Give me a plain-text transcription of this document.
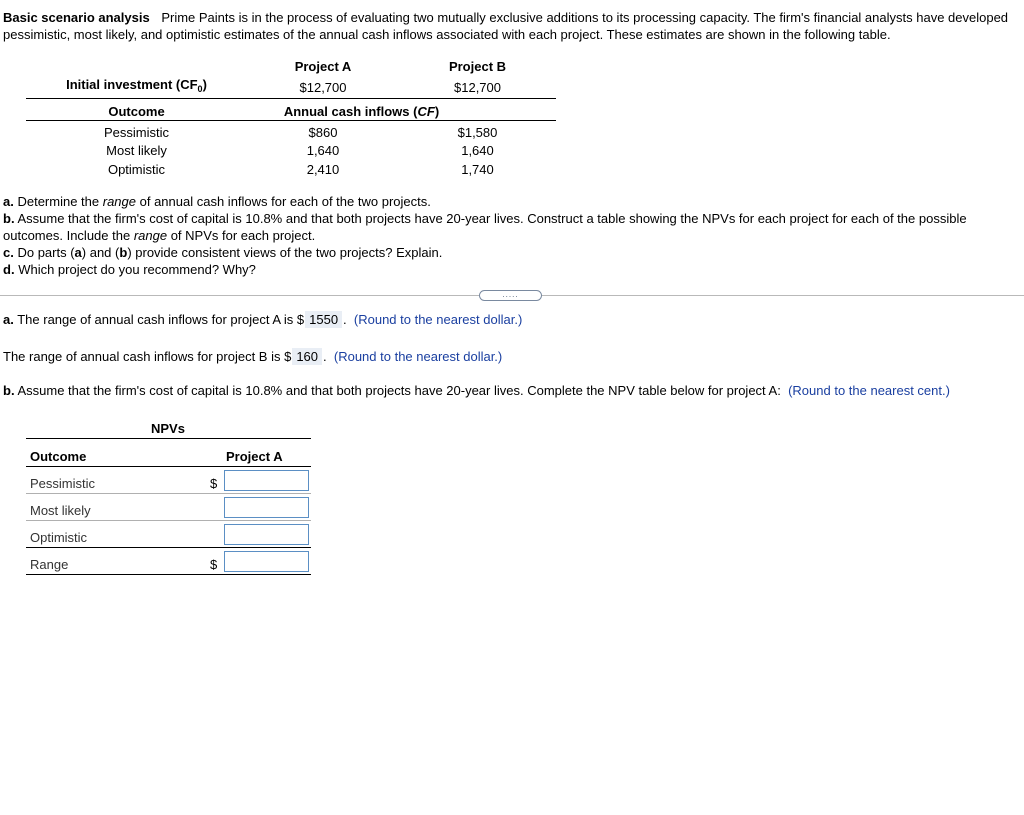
Basic scenario analysis Prime Paints is in the process of evaluating two mutually exclusive additions to its processing capacity. The firm's financial analysts have developed pessimistic, most likely, and optimistic estimates of the annual cash inflows associated with each project. These estimates are shown in the following table.
	Project A	Project B
Initial investment $(CF_0)$	$12,700	$12,700
Outcome	Annual cash inflows (CF)	
Pessimistic	$860	$1,580
Most likely	1,640	1,640
Optimistic	2,410	1,740
a. Determine the range of annual cash inflows for each of the two projects.
b. Assume that the firm's cost of capital is 10.8% and that both projects have 20-year lives. Construct a table showing the NPVs for each project for each of the possible outcomes. Include the range of NPVs for each project.
c. Do parts (a) and (b) provide consistent views of the two projects? Explain.
d. Which project do you recommend? Why?
.....
a. The range of annual cash inflows for project A is $ 1550 .  (Round to the nearest dollar.)
The range of annual cash inflows for project B is $ 160 .  (Round to the nearest dollar.)
b. Assume that the firm's cost of capital is 10.8% and that both projects have 20-year lives. Complete the NPV table below for project A: (Round to the nearest cent.)
NPVs
Outcome	Project A
Pessimistic	$
Most likely
Optimistic
Range	$
